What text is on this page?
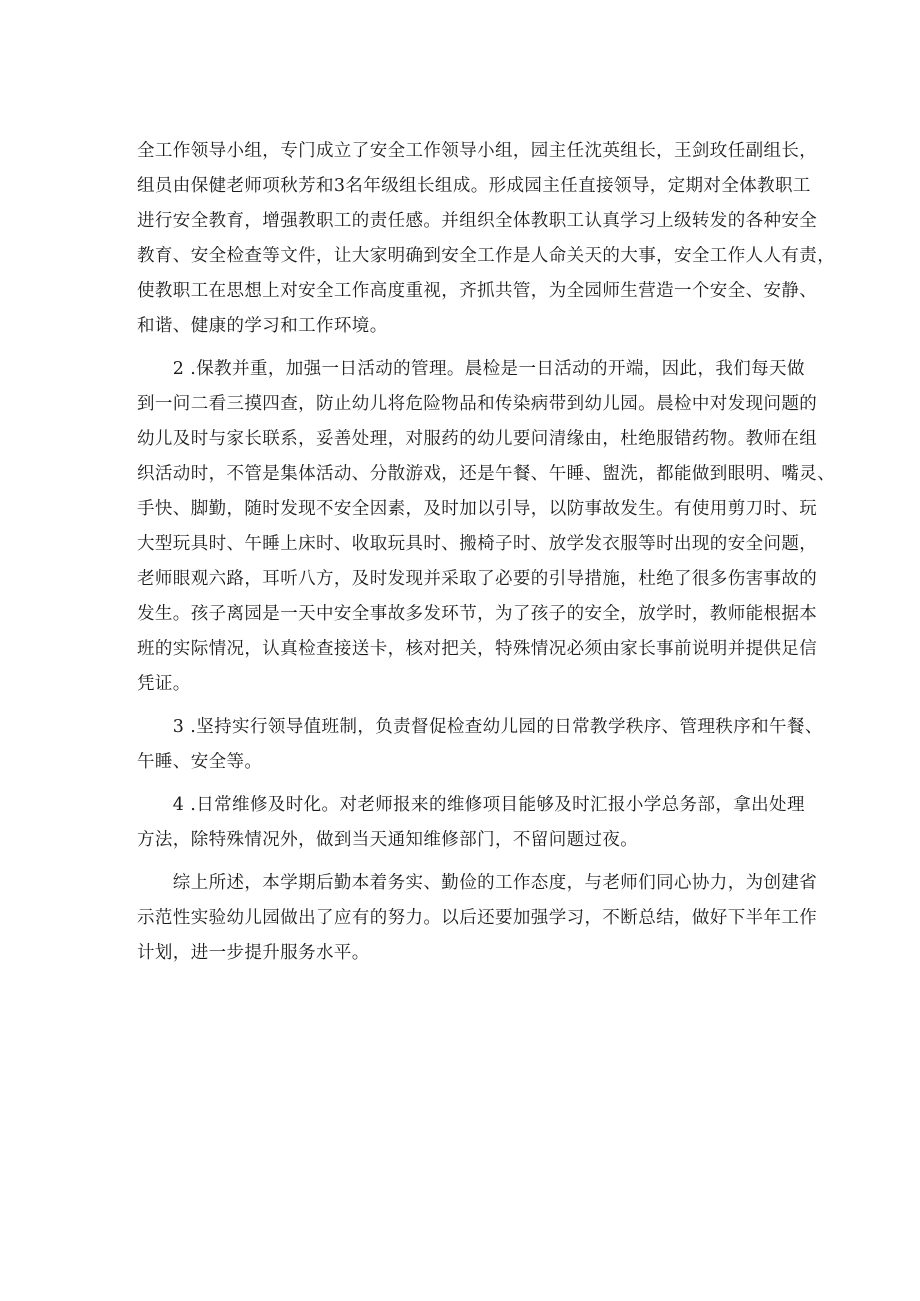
全工作领导小组，专门成立了安全工作领导小组，园主任沈英组长，王剑玫任副组长，
组员由保健老师项秋芳和3名年级组长组成。形成园主任直接领导，定期对全体教职工
进行安全教育，增强教职工的责任感。并组织全体教职工认真学习上级转发的各种安全
教育、安全检查等文件，让大家明确到安全工作是人命关天的大事，安全工作人人有责，
使教职工在思想上对安全工作高度重视，齐抓共管，为全园师生营造一个安全、安静、
和谐、健康的学习和工作环境。
　　2 .保教并重，加强一日活动的管理。晨检是一日活动的开端，因此，我们每天做
到一问二看三摸四查，防止幼儿将危险物品和传染病带到幼儿园。晨检中对发现问题的
幼儿及时与家长联系，妥善处理，对服药的幼儿要问清缘由，杜绝服错药物。教师在组
织活动时，不管是集体活动、分散游戏，还是午餐、午睡、盥洗，都能做到眼明、嘴灵、
手快、脚勤，随时发现不安全因素，及时加以引导，以防事故发生。有使用剪刀时、玩
大型玩具时、午睡上床时、收取玩具时、搬椅子时、放学发衣服等时出现的安全问题，
老师眼观六路，耳听八方，及时发现并采取了必要的引导措施，杜绝了很多伤害事故的
发生。孩子离园是一天中安全事故多发环节，为了孩子的安全，放学时，教师能根据本
班的实际情况，认真检查接送卡，核对把关，特殊情况必须由家长事前说明并提供足信
凭证。
　　3 .坚持实行领导值班制，负责督促检查幼儿园的日常教学秩序、管理秩序和午餐、
午睡、安全等。
　　4 .日常维修及时化。对老师报来的维修项目能够及时汇报小学总务部，拿出处理
方法，除特殊情况外，做到当天通知维修部门，不留问题过夜。
　　综上所述，本学期后勤本着务实、勤俭的工作态度，与老师们同心协力，为创建省
示范性实验幼儿园做出了应有的努力。以后还要加强学习，不断总结，做好下半年工作
计划，进一步提升服务水平。
